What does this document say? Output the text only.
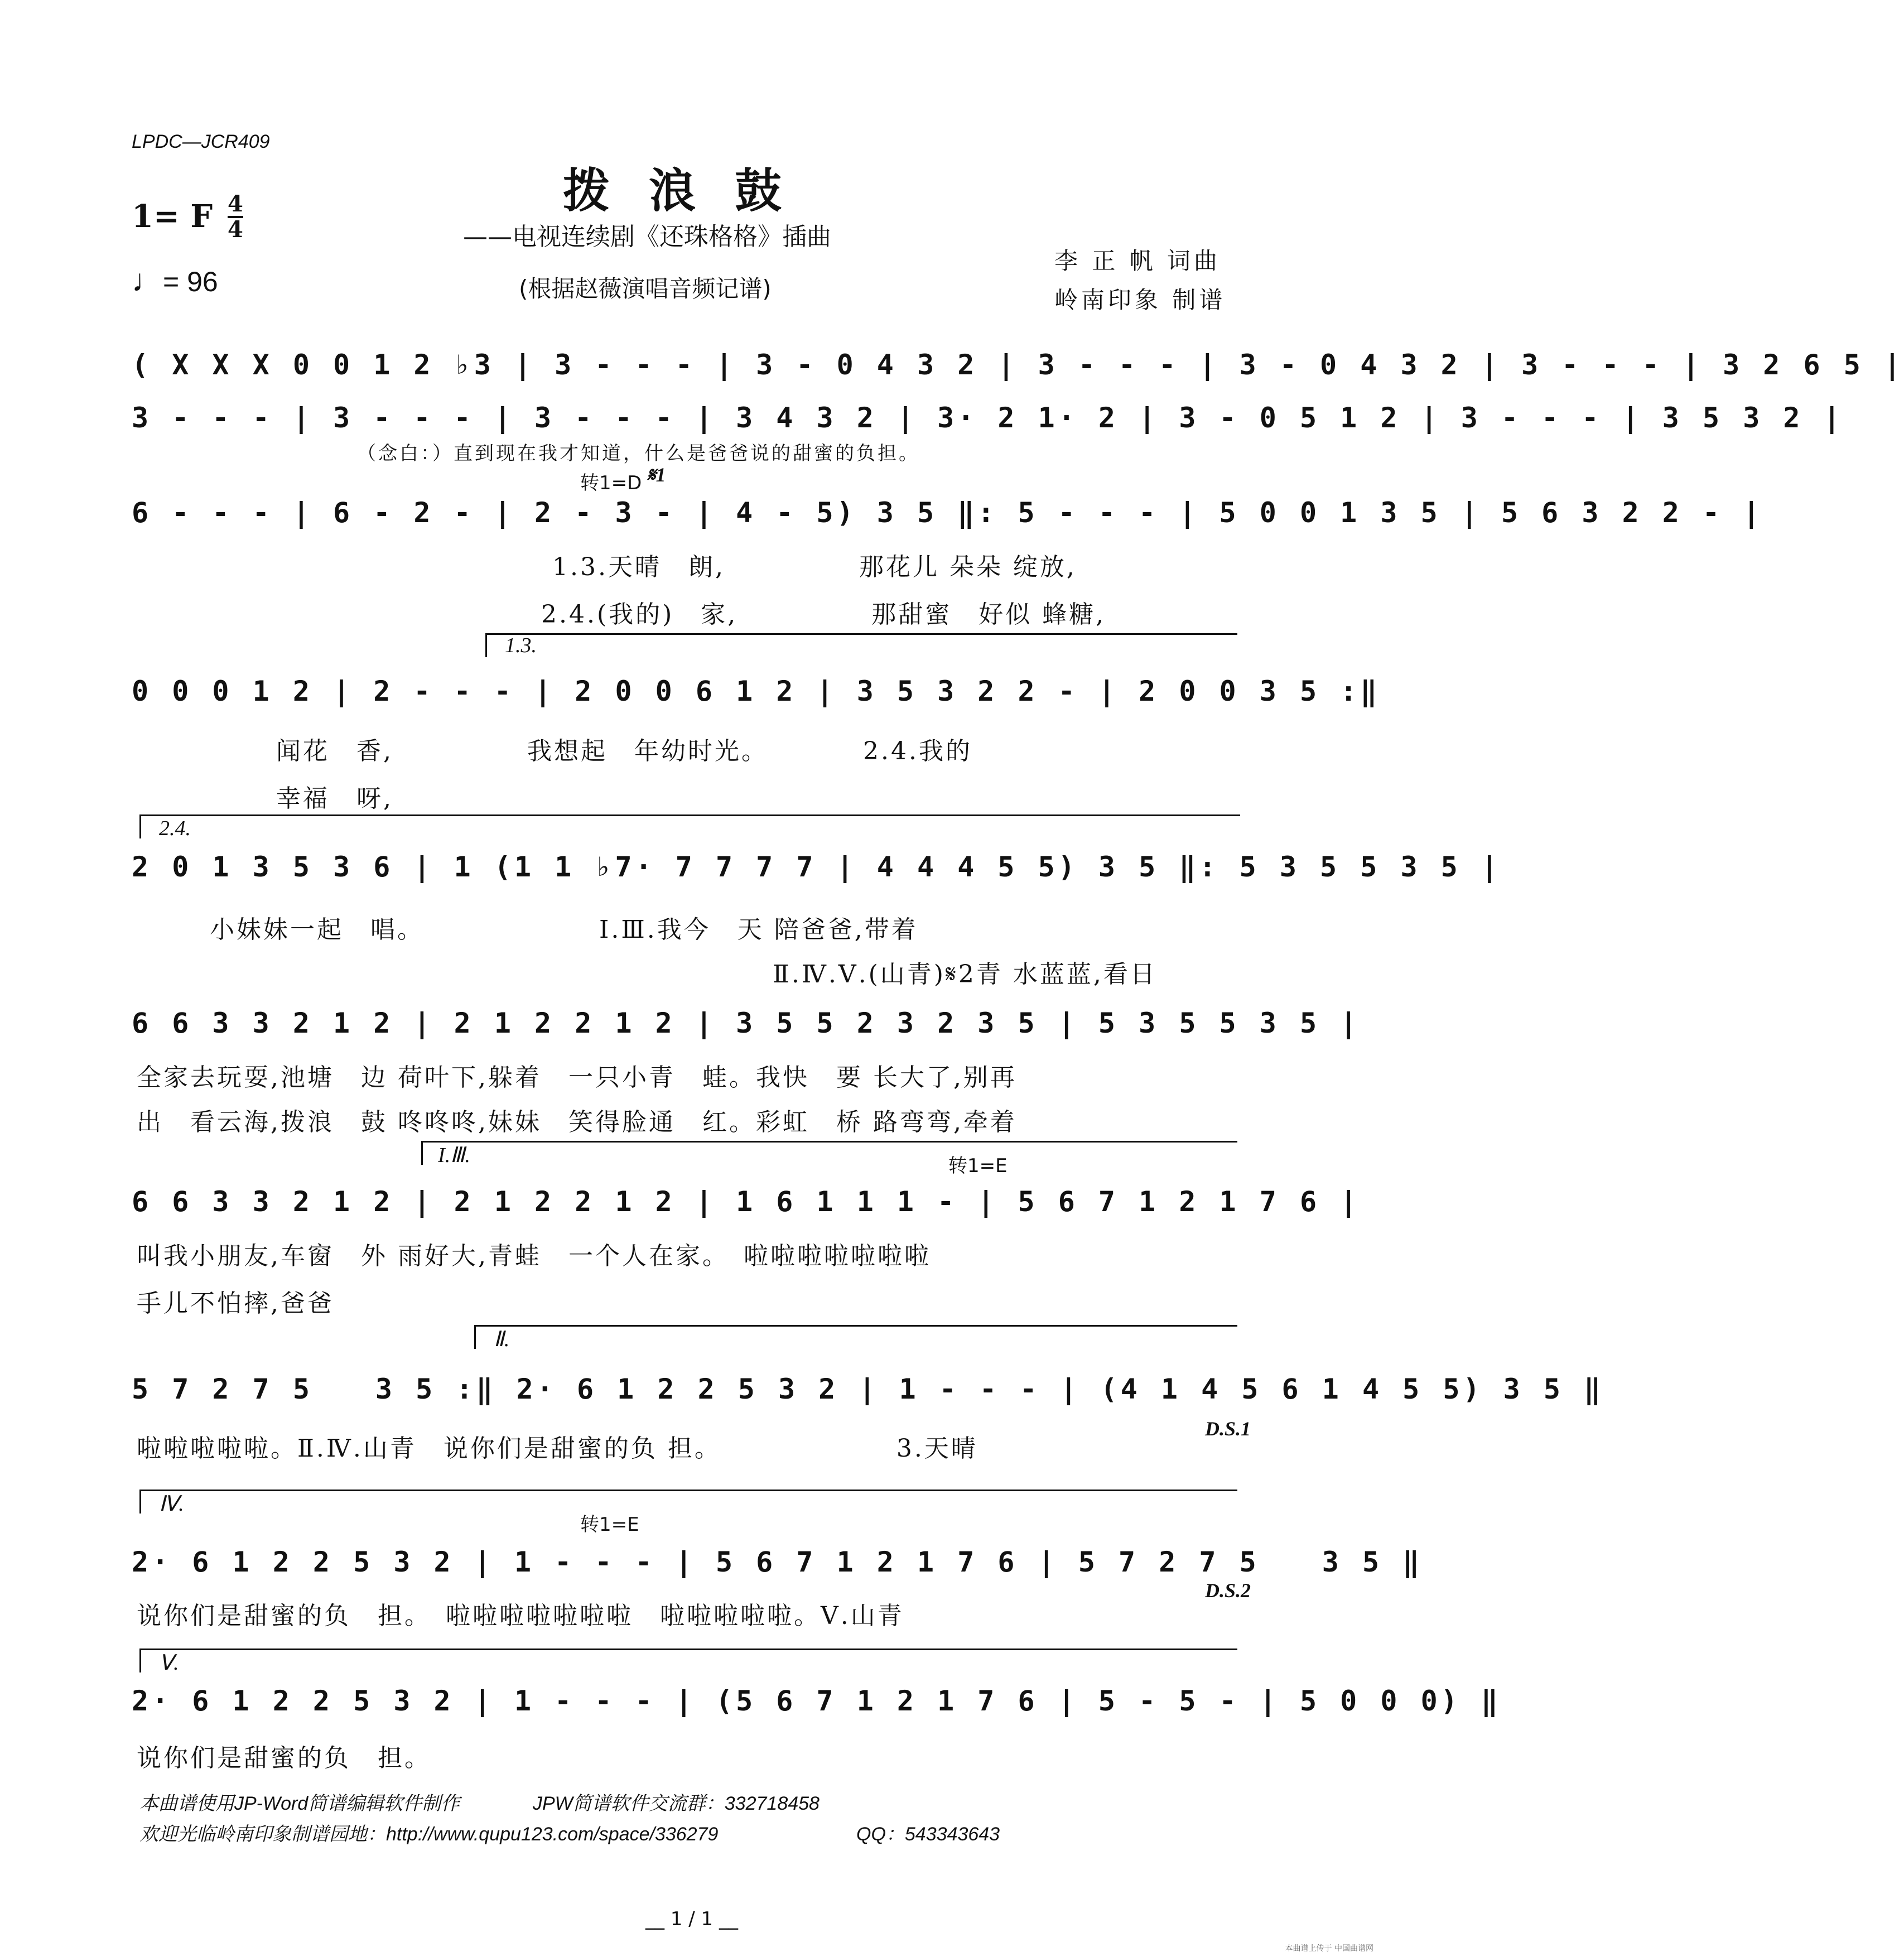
LPDC—JCR409
拨浪鼓
——电视连续剧《还珠格格》插曲
(根据赵薇演唱音频记谱)
李 正 帆 词曲
岭南印象 制谱
1= F 4
4
♩= 96
( X X X 0 0 1 2 ♭3 | 3 - - - | 3 - 0 4 3 2 | 3 - - - | 3 - 0 4 3 2 | 3 - - - | 3 2 6 5 |
3 - - - | 3 - - - | 3 - - - | 3 4 3 2 | 3· 2 1· 2 | 3 - 0 5 1 2 | 3 - - - | 3 5 3 2 |
（念白：）直到现在我才知道，什么是爸爸说的甜蜜的负担。
转1=D 𝄋1
6 - - - | 6 - 2 - | 2 - 3 - | 4 - 5) 3 5 ‖: 5 - - - | 5 0 0 1 3 5 | 5 6 3 2 2 - |
1.3.天晴　朗,　　　　　那花儿 朵朵 绽放,
2.4.(我的)　家,　　　　　那甜蜜　好似 蜂糖,
1.3.
0 0 0 1 2 | 2 - - - | 2 0 0 6 1 2 | 3 5 3 2 2 - | 2 0 0 3 5 :‖
闻花　香,　　　　　我想起　年幼时光。　　　　2.4.我的
幸福　呀,
2.4.
2 0 1 3 5 3 6 | 1 (1 1 ♭7· 7 7 7 7 | 4 4 4 5 5) 3 5 ‖: 5 3 5 5 3 5 |
小妹妹一起　唱。　　　　　　　Ⅰ.Ⅲ.我今　天 陪爸爸,带着
Ⅱ.Ⅳ.Ⅴ.(山青)𝄋2青 水蓝蓝,看日
6 6 3 3 2 1 2 | 2 1 2 2 1 2 | 3 5 5 2 3 2 3 5 | 5 3 5 5 3 5 |
全家去玩耍,池塘　边 荷叶下,躲着　一只小青　蛙。我快　要 长大了,别再
出　看云海,拨浪　鼓 咚咚咚,妹妹　笑得脸通　红。彩虹　桥 路弯弯,牵着
I.Ⅲ.	转1=E
6 6 3 3 2 1 2 | 2 1 2 2 1 2 | 1 6 1 1 1 - | 5 6 7 1 2 1 7 6 |
叫我小朋友,车窗　外 雨好大,青蛙　一个人在家。　啦啦啦啦啦啦啦
手儿不怕摔,爸爸
Ⅱ.
5 7 2 7 5　　3 5 :‖ 2· 6 1 2 2 5 3 2 | 1 - - - | (4 1 4 5 6 1 4 5 5) 3 5 ‖
D.S.1
啦啦啦啦啦。Ⅱ.Ⅳ.山青　说你们是甜蜜的负 担。　　　　　　　3.天晴
Ⅳ.
转1=E
2· 6 1 2 2 5 3 2 | 1 - - - | 5 6 7 1 2 1 7 6 | 5 7 2 7 5　　3 5 ‖
D.S.2
说你们是甜蜜的负　担。　啦啦啦啦啦啦啦　啦啦啦啦啦。Ⅴ.山青
Ⅴ.
2· 6 1 2 2 5 3 2 | 1 - - - | (5 6 7 1 2 1 7 6 | 5 - 5 - | 5 0 0 0) ‖
说你们是甜蜜的负　担。
本曲谱使用JP-Word简谱编辑软件制作	JPW简谱软件交流群：332718458
欢迎光临岭南印象制谱园地：http://www.qupu123.com/space/336279	QQ：543343643
__ 1 / 1 __
本曲谱上传于 中国曲谱网
